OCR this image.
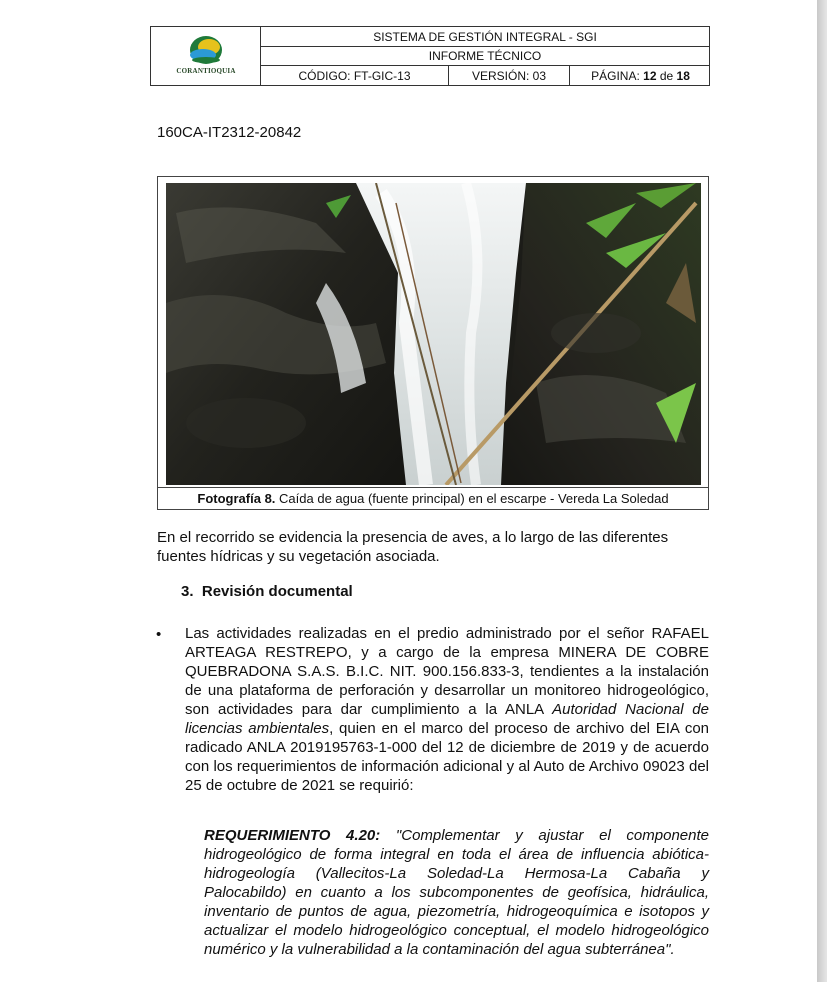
CORANTIOQUIA
SISTEMA DE GESTIÓN INTEGRAL - SGI
INFORME TÉCNICO
CÓDIGO: FT-GIC-13	VERSIÓN: 03	PÁGINA: 12 de 18
160CA-IT2312-20842
Fotografía 8. Caída de agua (fuente principal) en el escarpe - Vereda La Soledad
En el recorrido se evidencia la presencia de aves, a lo largo de las diferentes fuentes hídricas y su vegetación asociada.
3. Revisión documental
• Las actividades realizadas en el predio administrado por el señor RAFAEL ARTEAGA RESTREPO, y a cargo de la empresa MINERA DE COBRE QUEBRADONA S.A.S. B.I.C. NIT. 900.156.833-3, tendientes a la instalación de una plataforma de perforación y desarrollar un monitoreo hidrogeológico, son actividades para dar cumplimiento a la ANLA Autoridad Nacional de licencias ambientales, quien en el marco del proceso de archivo del EIA con radicado ANLA 2019195763-1-000 del 12 de diciembre de 2019 y de acuerdo con los requerimientos de información adicional y al Auto de Archivo 09023 del 25 de octubre de 2021 se requirió:
REQUERIMIENTO 4.20: "Complementar y ajustar el componente hidrogeológico de forma integral en toda el área de influencia abiótica-hidrogeología (Vallecitos-La Soledad-La Hermosa-La Cabaña y Palocabildo) en cuanto a los subcomponentes de geofísica, hidráulica, inventario de puntos de agua, piezometría, hidrogeoquímica e isotopos y actualizar el modelo hidrogeológico conceptual, el modelo hidrogeológico numérico y la vulnerabilidad a la contaminación del agua subterránea".
